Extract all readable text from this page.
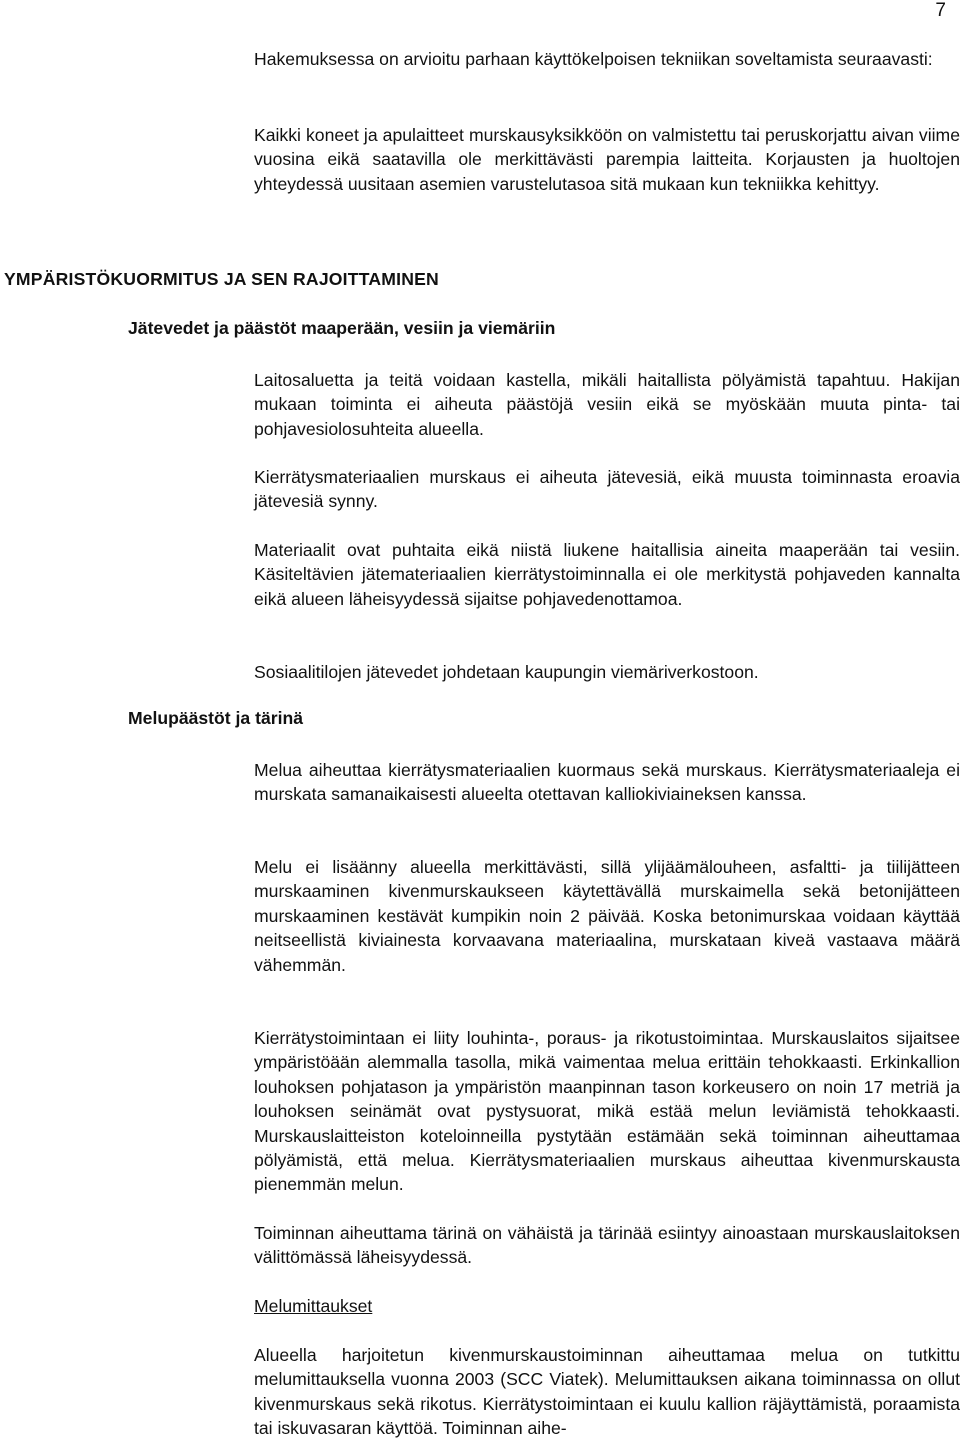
7

Hakemuksessa on arvioitu parhaan käyttökelpoisen tekniikan soveltamista seuraavasti:

Kaikki koneet ja apulaitteet murskausyksikköön on valmistettu tai peruskorjattu aivan viime vuosina eikä saatavilla ole merkittävästi parempia laitteita. Korjausten ja huoltojen yhteydessä uusitaan asemien varustelutasoa sitä mukaan kun tekniikka kehittyy.

YMPÄRISTÖKUORMITUS JA SEN RAJOITTAMINEN
Jätevedet ja päästöt maaperään, vesiin ja viemäriin

Laitosaluetta ja teitä voidaan kastella, mikäli haitallista pölyämistä tapahtuu. Hakijan mukaan toiminta ei aiheuta päästöjä vesiin eikä se myöskään muuta pinta- tai pohjavesiolosuhteita alueella.

Kierrätysmateriaalien murskaus ei aiheuta jätevesiä, eikä muusta toiminnasta eroavia jätevesiä synny.

Materiaalit ovat puhtaita eikä niistä liukene haitallisia aineita maaperään tai vesiin. Käsiteltävien jätemateriaalien kierrätystoiminnalla ei ole merkitystä pohjaveden kannalta eikä alueen läheisyydessä sijaitse pohjavedenottamoa.

Sosiaalitilojen jätevedet johdetaan kaupungin viemäriverkostoon.

Melupäästöt ja tärinä

Melua aiheuttaa kierrätysmateriaalien kuormaus sekä murskaus. Kierrätysmateriaaleja ei murskata samanaikaisesti alueelta otettavan kalliokiviaineksen kanssa.

Melu ei lisäänny alueella merkittävästi, sillä ylijäämälouheen, asfaltti- ja tiilijätteen murskaaminen kivenmurskaukseen käytettävällä murskaimella sekä betonijätteen murskaaminen kestävät kumpikin noin 2 päivää. Koska betonimurskaa voidaan käyttää neitseellistä kiviainesta korvaavana materiaalina, murskataan kiveä vastaava määrä vähemmän.

Kierrätystoimintaan ei liity louhinta-, poraus- ja rikotustoimintaa. Murskauslaitos sijaitsee ympäristöään alemmalla tasolla, mikä vaimentaa melua erittäin tehokkaasti. Erkinkallion louhoksen pohjatason ja ympäristön maanpinnan tason korkeusero on noin 17 metriä ja louhoksen seinämät ovat pystysuorat, mikä estää melun leviämistä tehokkaasti. Murskauslaitteiston koteloinneilla pystytään estämään sekä toiminnan aiheuttamaa pölyämistä, että melua. Kierrätysmateriaalien murskaus aiheuttaa kivenmurskausta pienemmän melun.

Toiminnan aiheuttama tärinä on vähäistä ja tärinää esiintyy ainoastaan murskauslaitoksen välittömässä läheisyydessä.

Melumittaukset

Alueella harjoitetun kivenmurskaustoiminnan aiheuttamaa melua on tutkittu melumittauksella vuonna 2003 (SCC Viatek). Melumittauksen aikana toiminnassa on ollut kivenmurskaus sekä rikotus. Kierrätystoimintaan ei kuulu kallion räjäyttämistä, poraamista tai iskuvasaran käyttöä. Toiminnan aihe-
